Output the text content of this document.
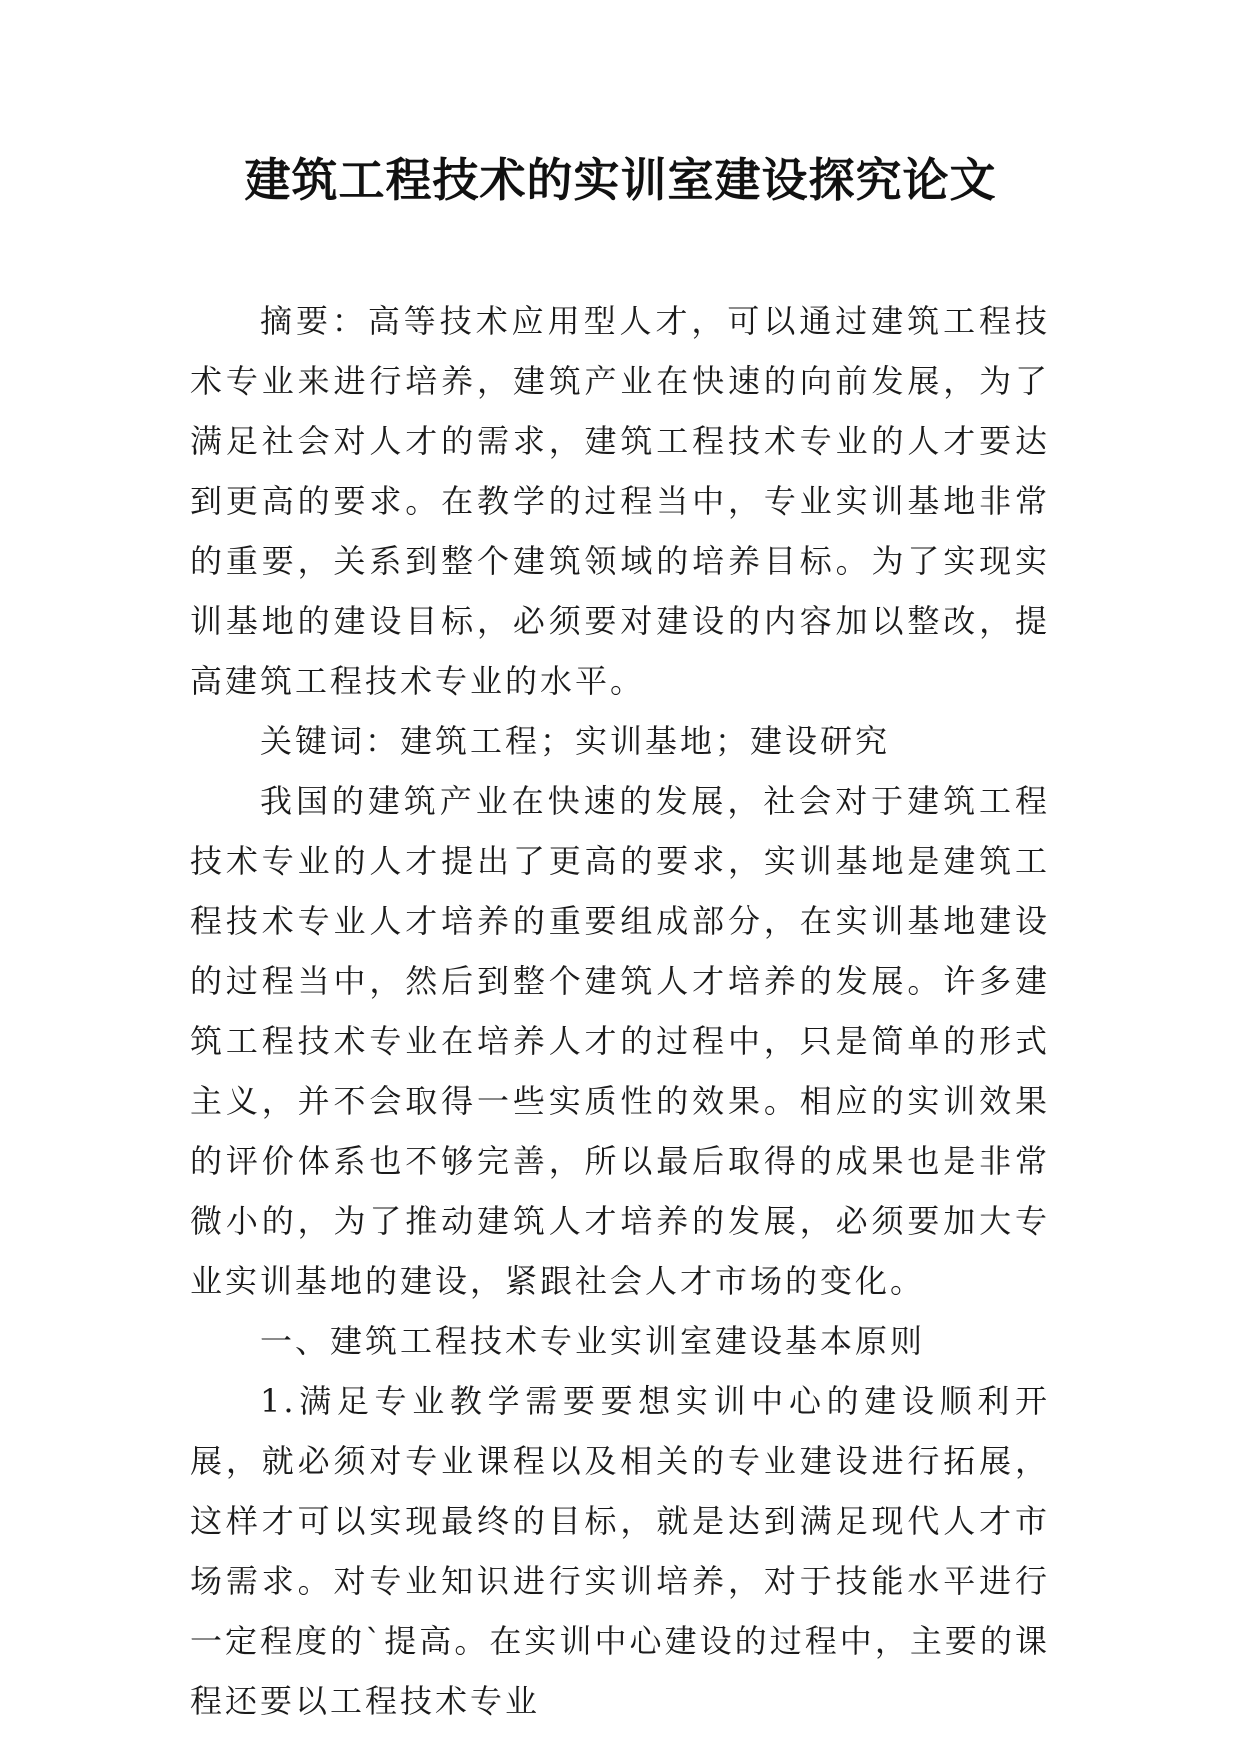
建筑工程技术的实训室建设探究论文

摘要：高等技术应用型人才，可以通过建筑工程技术专业来进行培养，建筑产业在快速的向前发展，为了满足社会对人才的需求，建筑工程技术专业的人才要达到更高的要求。在教学的过程当中，专业实训基地非常的重要，关系到整个建筑领域的培养目标。为了实现实训基地的建设目标，必须要对建设的内容加以整改，提高建筑工程技术专业的水平。

关键词：建筑工程；实训基地；建设研究

我国的建筑产业在快速的发展，社会对于建筑工程技术专业的人才提出了更高的要求，实训基地是建筑工程技术专业人才培养的重要组成部分，在实训基地建设的过程当中，然后到整个建筑人才培养的发展。许多建筑工程技术专业在培养人才的过程中，只是简单的形式主义，并不会取得一些实质性的效果。相应的实训效果的评价体系也不够完善，所以最后取得的成果也是非常微小的，为了推动建筑人才培养的发展，必须要加大专业实训基地的建设，紧跟社会人才市场的变化。

一、建筑工程技术专业实训室建设基本原则

1.满足专业教学需要要想实训中心的建设顺利开展，就必须对专业课程以及相关的专业建设进行拓展，这样才可以实现最终的目标，就是达到满足现代人才市场需求。对专业知识进行实训培养，对于技能水平进行一定程度的`提高。在实训中心建设的过程中，主要的课程还要以工程技术专业
